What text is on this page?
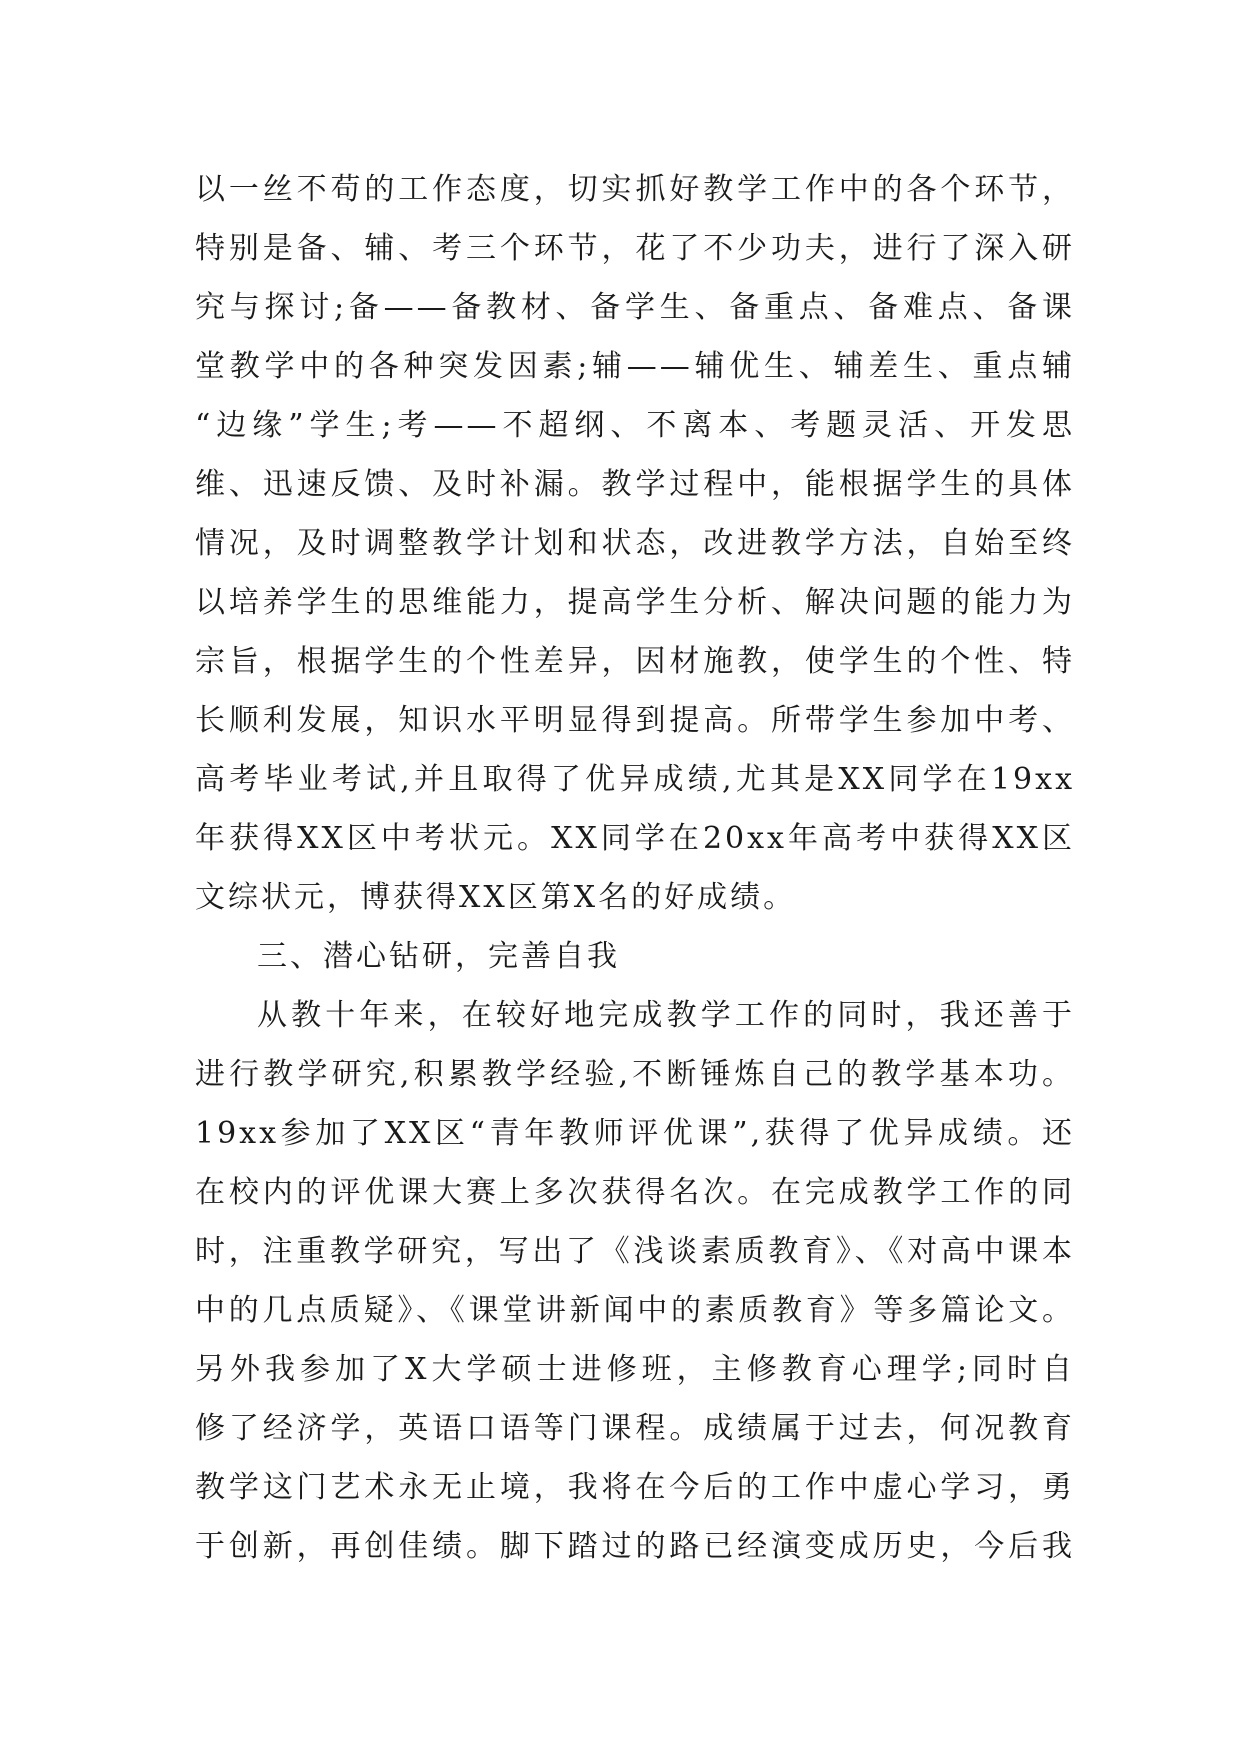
以一丝不苟的工作态度，切实抓好教学工作中的各个环节，
特别是备、辅、考三个环节，花了不少功夫，进行了深入研
究与探讨;备——备教材、备学生、备重点、备难点、备课
堂教学中的各种突发因素;辅——辅优生、辅差生、重点辅
“边缘”学生;考——不超纲、不离本、考题灵活、开发思
维、迅速反馈、及时补漏。教学过程中，能根据学生的具体
情况，及时调整教学计划和状态，改进教学方法，自始至终
以培养学生的思维能力，提高学生分析、解决问题的能力为
宗旨，根据学生的个性差异，因材施教，使学生的个性、特
长顺利发展，知识水平明显得到提高。所带学生参加中考、
高考毕业考试,并且取得了优异成绩,尤其是XX同学在19xx
年获得XX区中考状元。XX同学在20xx年高考中获得XX区
文综状元，博获得XX区第X名的好成绩。
三、潜心钻研，完善自我
从教十年来，在较好地完成教学工作的同时，我还善于
进行教学研究,积累教学经验,不断锤炼自己的教学基本功。
19xx参加了XX区“青年教师评优课”,获得了优异成绩。还
在校内的评优课大赛上多次获得名次。在完成教学工作的同
时，注重教学研究，写出了《浅谈素质教育》、《对高中课本
中的几点质疑》、《课堂讲新闻中的素质教育》等多篇论文。
另外我参加了X大学硕士进修班，主修教育心理学;同时自
修了经济学，英语口语等门课程。成绩属于过去，何况教育
教学这门艺术永无止境，我将在今后的工作中虚心学习，勇
于创新，再创佳绩。脚下踏过的路已经演变成历史，今后我
